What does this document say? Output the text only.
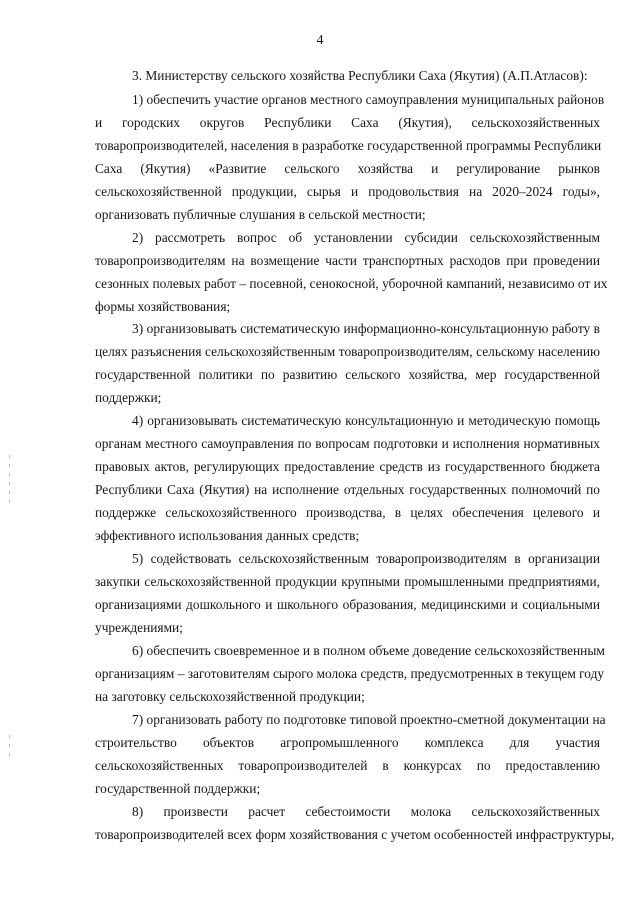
4
3. Министерству сельского хозяйства Республики Саха (Якутия) (А.П.Атласов):
1) обеспечить участие органов местного самоуправления муниципальных районов
и городских округов Республики Саха (Якутия), сельскохозяйственных
товаропроизводителей, населения в разработке государственной программы Республики
Саха (Якутия) «Развитие сельского хозяйства и регулирование рынков
сельскохозяйственной продукции, сырья и продовольствия на 2020–2024 годы»,
организовать публичные слушания в сельской местности;
2) рассмотреть вопрос об установлении субсидии сельскохозяйственным
товаропроизводителям на возмещение части транспортных расходов при проведении
сезонных полевых работ – посевной, сенокосной, уборочной кампаний, независимо от их
формы хозяйствования;
3) организовывать систематическую информационно-консультационную работу в
целях разъяснения сельскохозяйственным товаропроизводителям, сельскому населению
государственной политики по развитию сельского хозяйства, мер государственной
поддержки;
4) организовывать систематическую консультационную и методическую помощь
органам местного самоуправления по вопросам подготовки и исполнения нормативных
правовых актов, регулирующих предоставление средств из государственного бюджета
Республики Саха (Якутия) на исполнение отдельных государственных полномочий по
поддержке сельскохозяйственного производства, в целях обеспечения целевого и
эффективного использования данных средств;
5) содействовать сельскохозяйственным товаропроизводителям в организации
закупки сельскохозяйственной продукции крупными промышленными предприятиями,
организациями дошкольного и школьного образования, медицинскими и социальными
учреждениями;
6) обеспечить своевременное и в полном объеме доведение сельскохозяйственным
организациям – заготовителям сырого молока средств, предусмотренных в текущем году
на заготовку сельскохозяйственной продукции;
7) организовать работу по подготовке типовой проектно-сметной документации на
строительство объектов агропромышленного комплекса для участия
сельскохозяйственных товаропроизводителей в конкурсах по предоставлению
государственной поддержки;
8) произвести расчет себестоимости молока сельскохозяйственных
товаропроизводителей всех форм хозяйствования с учетом особенностей инфраструктуры,
